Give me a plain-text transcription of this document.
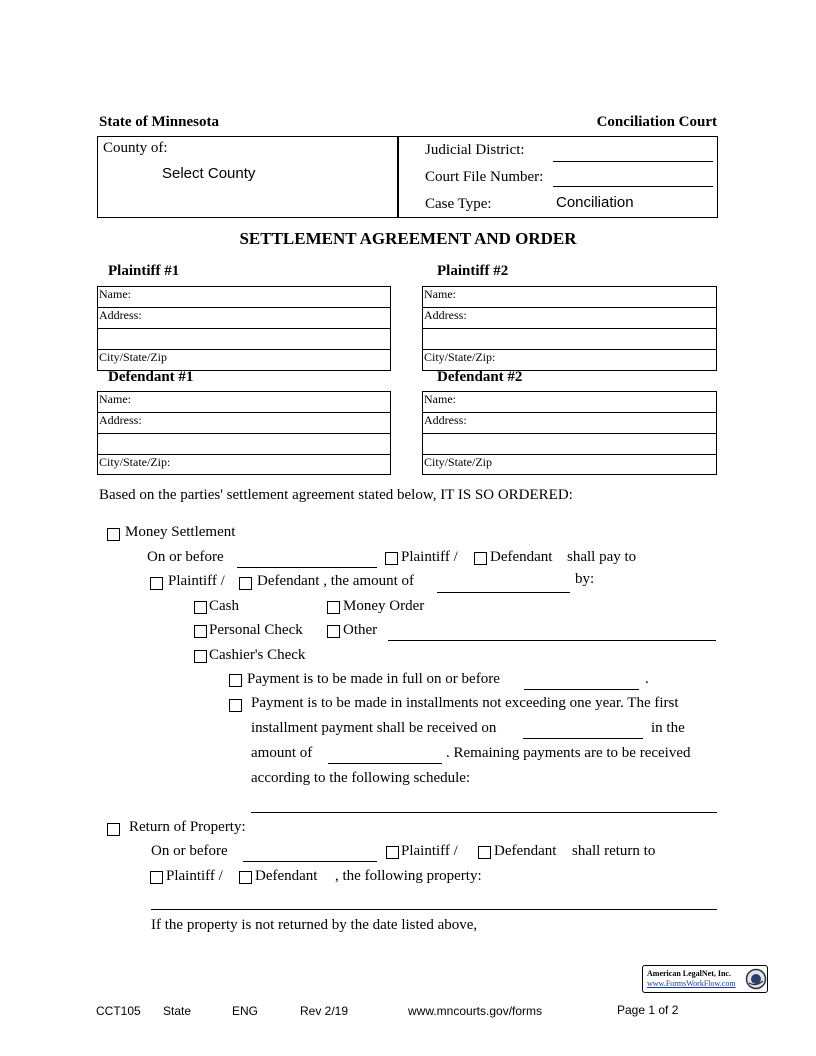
State of Minnesota	Conciliation Court
County of:
Select County
Judicial District:
Court File Number:
Case Type:	Conciliation
SETTLEMENT AGREEMENT AND ORDER
Plaintiff #1	Plaintiff #2
Defendant #1	Defendant #2
Name:
Address:
City/State/Zip
Name:
Address:
City/State/Zip:
Name:
Address:
City/State/Zip:
Name:
Address:
City/State/Zip
Based on the parties' settlement agreement stated below, IT IS SO ORDERED:
Money Settlement
On or before	Plaintiff / Defendant shall pay to
Plaintiff / Defendant , the amount of	by:
Cash	Money Order
Personal Check	Other
Cashier's Check
Payment is to be made in full on or before	.
Payment is to be made in installments not exceeding one year. The first
installment payment shall be received on	in the
amount of	. Remaining payments are to be received
according to the following schedule:
Return of Property:
On or before	Plaintiff / Defendant shall return to
Plaintiff / Defendant , the following property:
If the property is not returned by the date listed above,
American LegalNet, Inc.
www.FormsWorkFlow.com
CCT105 State	ENG	Rev 2/19	www.mncourts.gov/forms	Page 1 of 2
